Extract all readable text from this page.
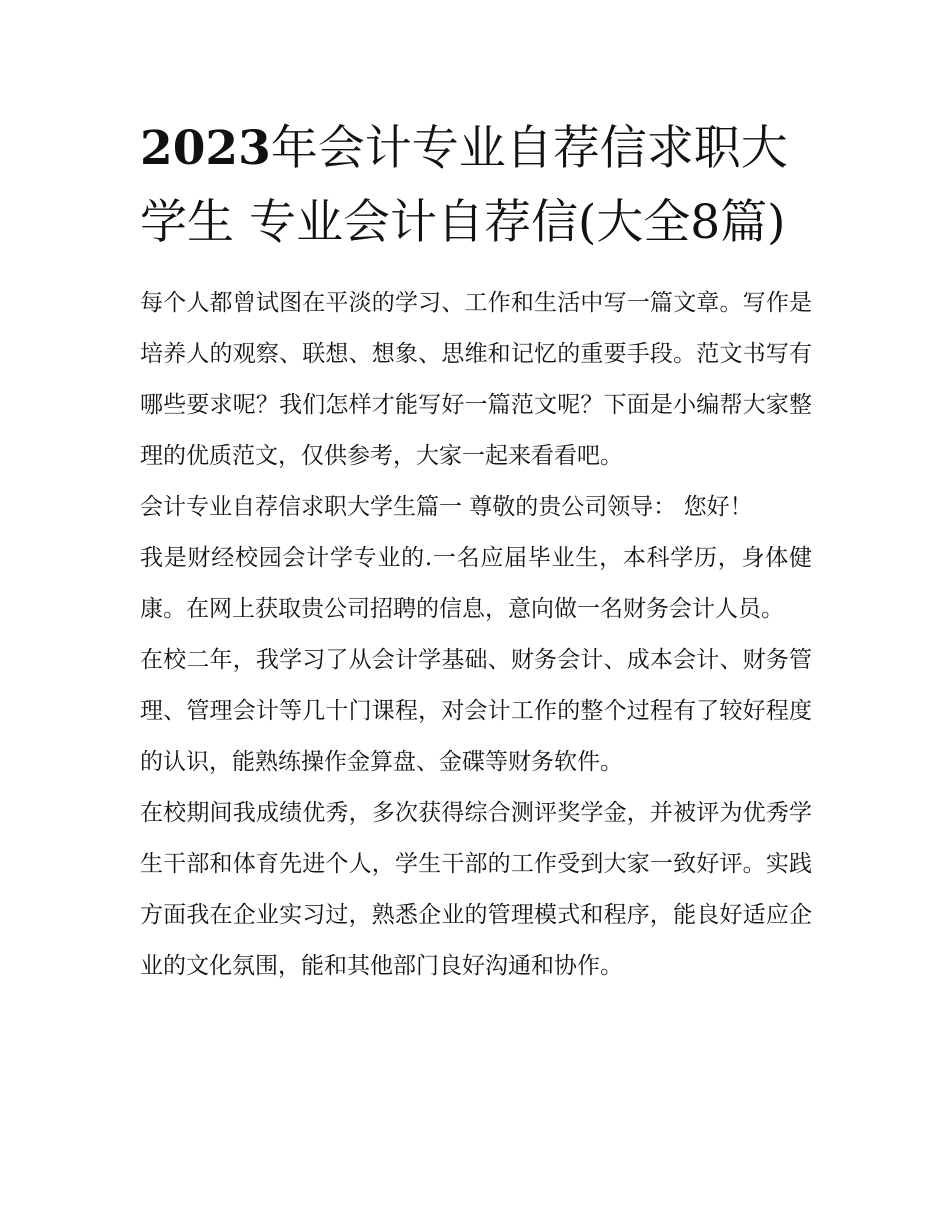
2023年会计专业自荐信求职大学生 专业会计自荐信(大全8篇)

每个人都曾试图在平淡的学习、工作和生活中写一篇文章。写作是培养人的观察、联想、想象、思维和记忆的重要手段。范文书写有哪些要求呢？我们怎样才能写好一篇范文呢？下面是小编帮大家整理的优质范文，仅供参考，大家一起来看看吧。

会计专业自荐信求职大学生篇一 尊敬的贵公司领导： 您好！

我是财经校园会计学专业的.一名应届毕业生，本科学历，身体健康。在网上获取贵公司招聘的信息，意向做一名财务会计人员。

在校二年，我学习了从会计学基础、财务会计、成本会计、财务管理、管理会计等几十门课程，对会计工作的整个过程有了较好程度的认识，能熟练操作金算盘、金碟等财务软件。

在校期间我成绩优秀，多次获得综合测评奖学金，并被评为优秀学生干部和体育先进个人，学生干部的工作受到大家一致好评。实践方面我在企业实习过，熟悉企业的管理模式和程序，能良好适应企业的文化氛围，能和其他部门良好沟通和协作。
